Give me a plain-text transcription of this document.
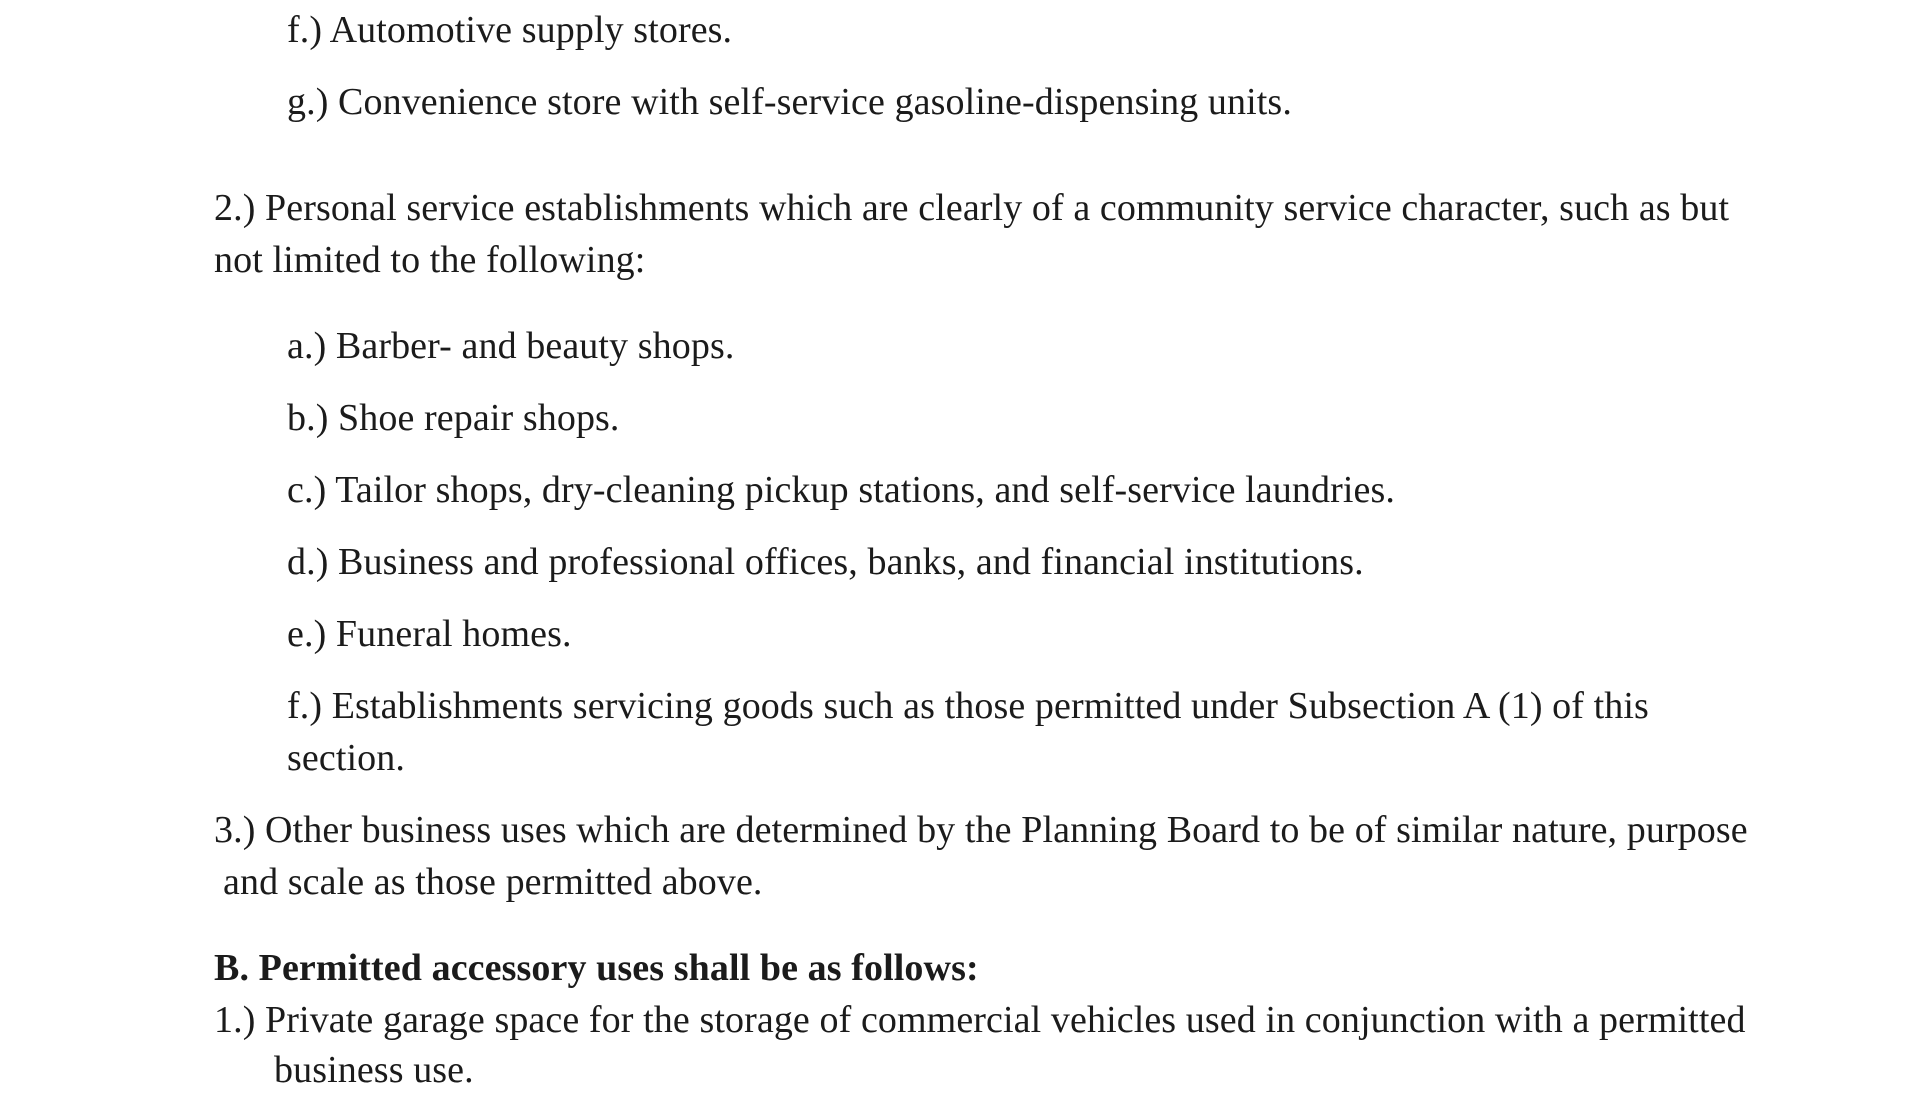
f.) Automotive supply stores.
g.) Convenience store with self-service gasoline-dispensing units.
2.) Personal service establishments which are clearly of a community service character, such as but
not limited to the following:
a.) Barber- and beauty shops.
b.) Shoe repair shops.
c.) Tailor shops, dry-cleaning pickup stations, and self-service laundries.
d.) Business and professional offices, banks, and financial institutions.
e.) Funeral homes.
f.) Establishments servicing goods such as those permitted under Subsection A (1) of this
section.
3.) Other business uses which are determined by the Planning Board to be of similar nature, purpose
and scale as those permitted above.
B. Permitted accessory uses shall be as follows:
1.) Private garage space for the storage of commercial vehicles used in conjunction with a permitted
business use.
